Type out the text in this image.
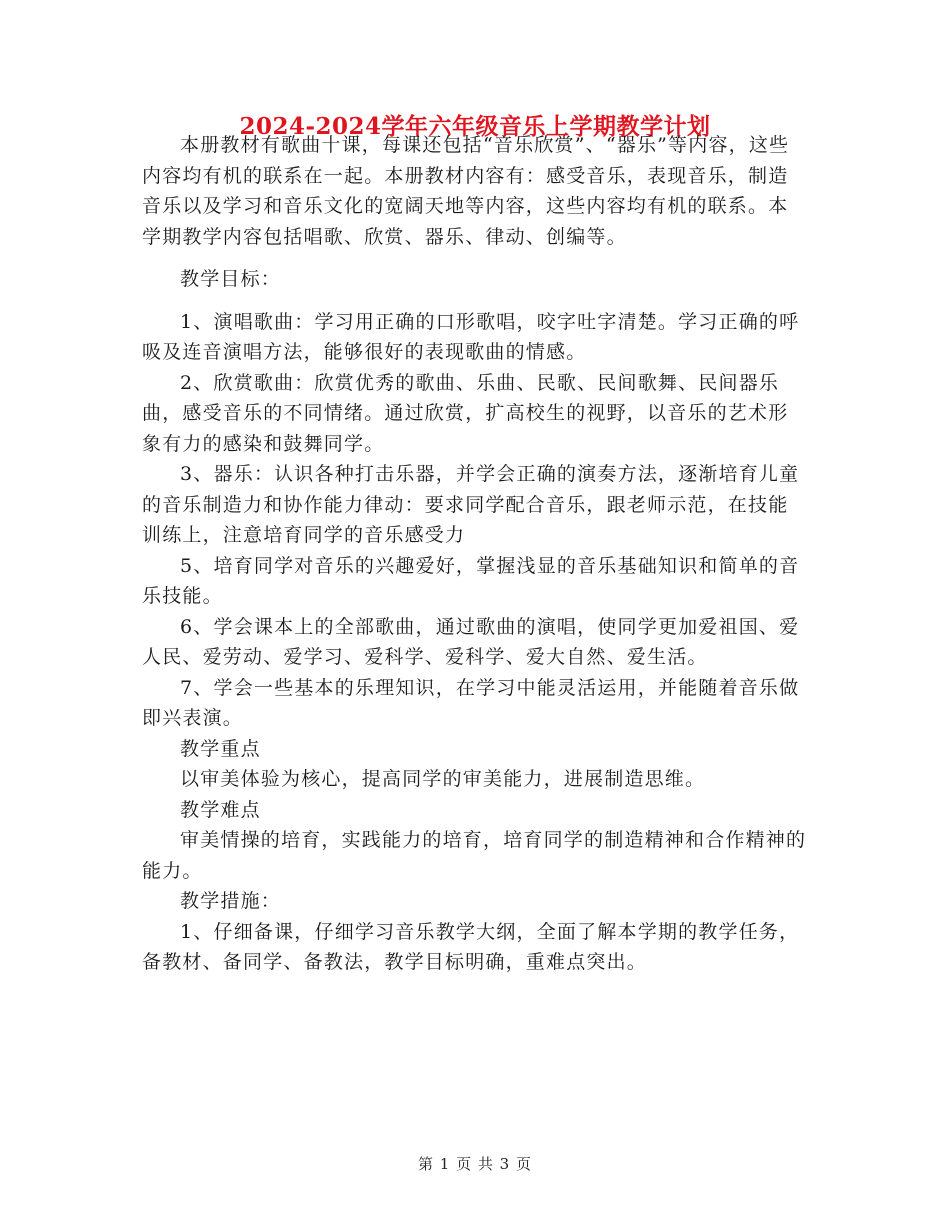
2024-2024学年六年级音乐上学期教学计划

本册教材有歌曲十课，每课还包括“音乐欣赏”、“器乐”等内容，这些内容均有机的联系在一起。本册教材内容有：感受音乐，表现音乐，制造音乐以及学习和音乐文化的宽阔天地等内容，这些内容均有机的联系。本学期教学内容包括唱歌、欣赏、器乐、律动、创编等。

教学目标：

1、演唱歌曲：学习用正确的口形歌唱，咬字吐字清楚。学习正确的呼吸及连音演唱方法，能够很好的表现歌曲的情感。

2、欣赏歌曲：欣赏优秀的歌曲、乐曲、民歌、民间歌舞、民间器乐曲，感受音乐的不同情绪。通过欣赏，扩高校生的视野，以音乐的艺术形象有力的感染和鼓舞同学。

3、器乐：认识各种打击乐器，并学会正确的演奏方法，逐渐培育儿童的音乐制造力和协作能力律动：要求同学配合音乐，跟老师示范，在技能训练上，注意培育同学的音乐感受力

5、培育同学对音乐的兴趣爱好，掌握浅显的音乐基础知识和简单的音乐技能。

6、学会课本上的全部歌曲，通过歌曲的演唱，使同学更加爱祖国、爱人民、爱劳动、爱学习、爱科学、爱科学、爱大自然、爱生活。

7、学会一些基本的乐理知识，在学习中能灵活运用，并能随着音乐做即兴表演。

教学重点

以审美体验为核心，提高同学的审美能力，进展制造思维。

教学难点

审美情操的培育，实践能力的培育，培育同学的制造精神和合作精神的能力。

教学措施：

1、仔细备课，仔细学习音乐教学大纲，全面了解本学期的教学任务，备教材、备同学、备教法，教学目标明确，重难点突出。

第 1 页 共 3 页
